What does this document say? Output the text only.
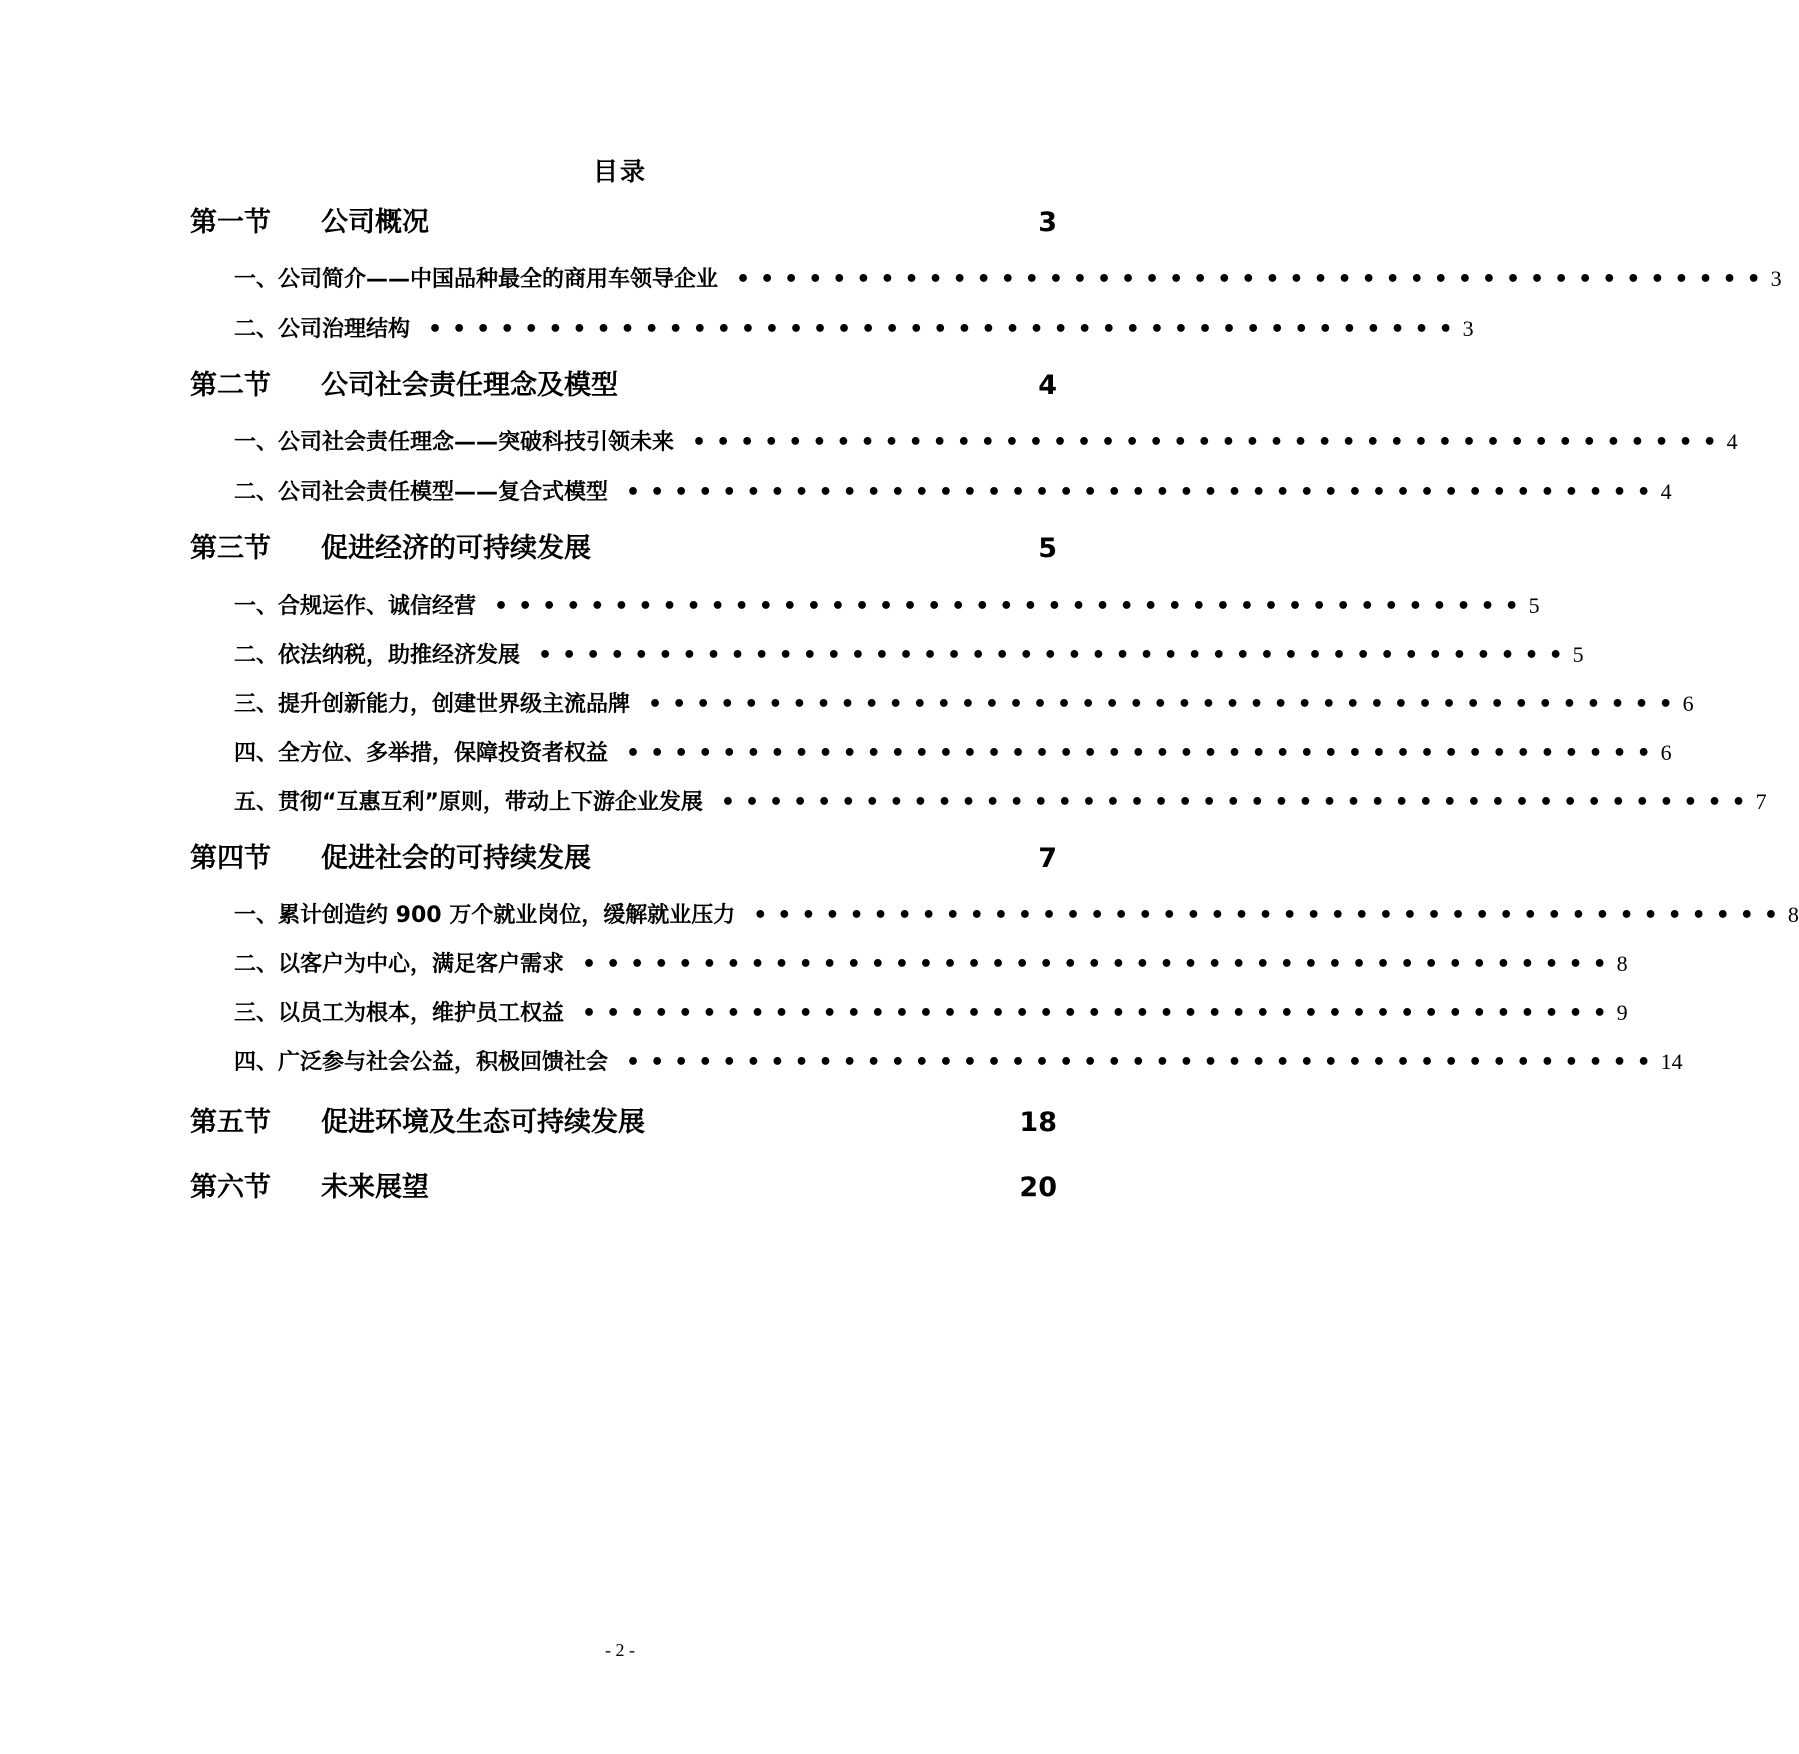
目录
第一节	公司概况	3
一、公司简介——中国品种最全的商用车领导企业 ••••••••••••••••••••••••••••••••••••••••••• 3
二、公司治理结构 ••••••••••••••••••••••••••••••••••••••••••• 3
第二节	公司社会责任理念及模型	4
一、公司社会责任理念——突破科技引领未来 ••••••••••••••••••••••••••••••••••••••••••• 4
二、公司社会责任模型——复合式模型 ••••••••••••••••••••••••••••••••••••••••••• 4
第三节	促进经济的可持续发展	5
一、合规运作、诚信经营 ••••••••••••••••••••••••••••••••••••••••••• 5
二、依法纳税，助推经济发展 ••••••••••••••••••••••••••••••••••••••••••• 5
三、提升创新能力，创建世界级主流品牌 ••••••••••••••••••••••••••••••••••••••••••• 6
四、全方位、多举措，保障投资者权益 ••••••••••••••••••••••••••••••••••••••••••• 6
五、贯彻“互惠互利”原则，带动上下游企业发展 ••••••••••••••••••••••••••••••••••••••••••• 7
第四节	促进社会的可持续发展	7
一、累计创造约 900 万个就业岗位，缓解就业压力 ••••••••••••••••••••••••••••••••••••••••••• 8
二、以客户为中心，满足客户需求 ••••••••••••••••••••••••••••••••••••••••••• 8
三、以员工为根本，维护员工权益 ••••••••••••••••••••••••••••••••••••••••••• 9
四、广泛参与社会公益，积极回馈社会 ••••••••••••••••••••••••••••••••••••••••••• 14
第五节	促进环境及生态可持续发展	18
第六节	未来展望	20
- 2 -
